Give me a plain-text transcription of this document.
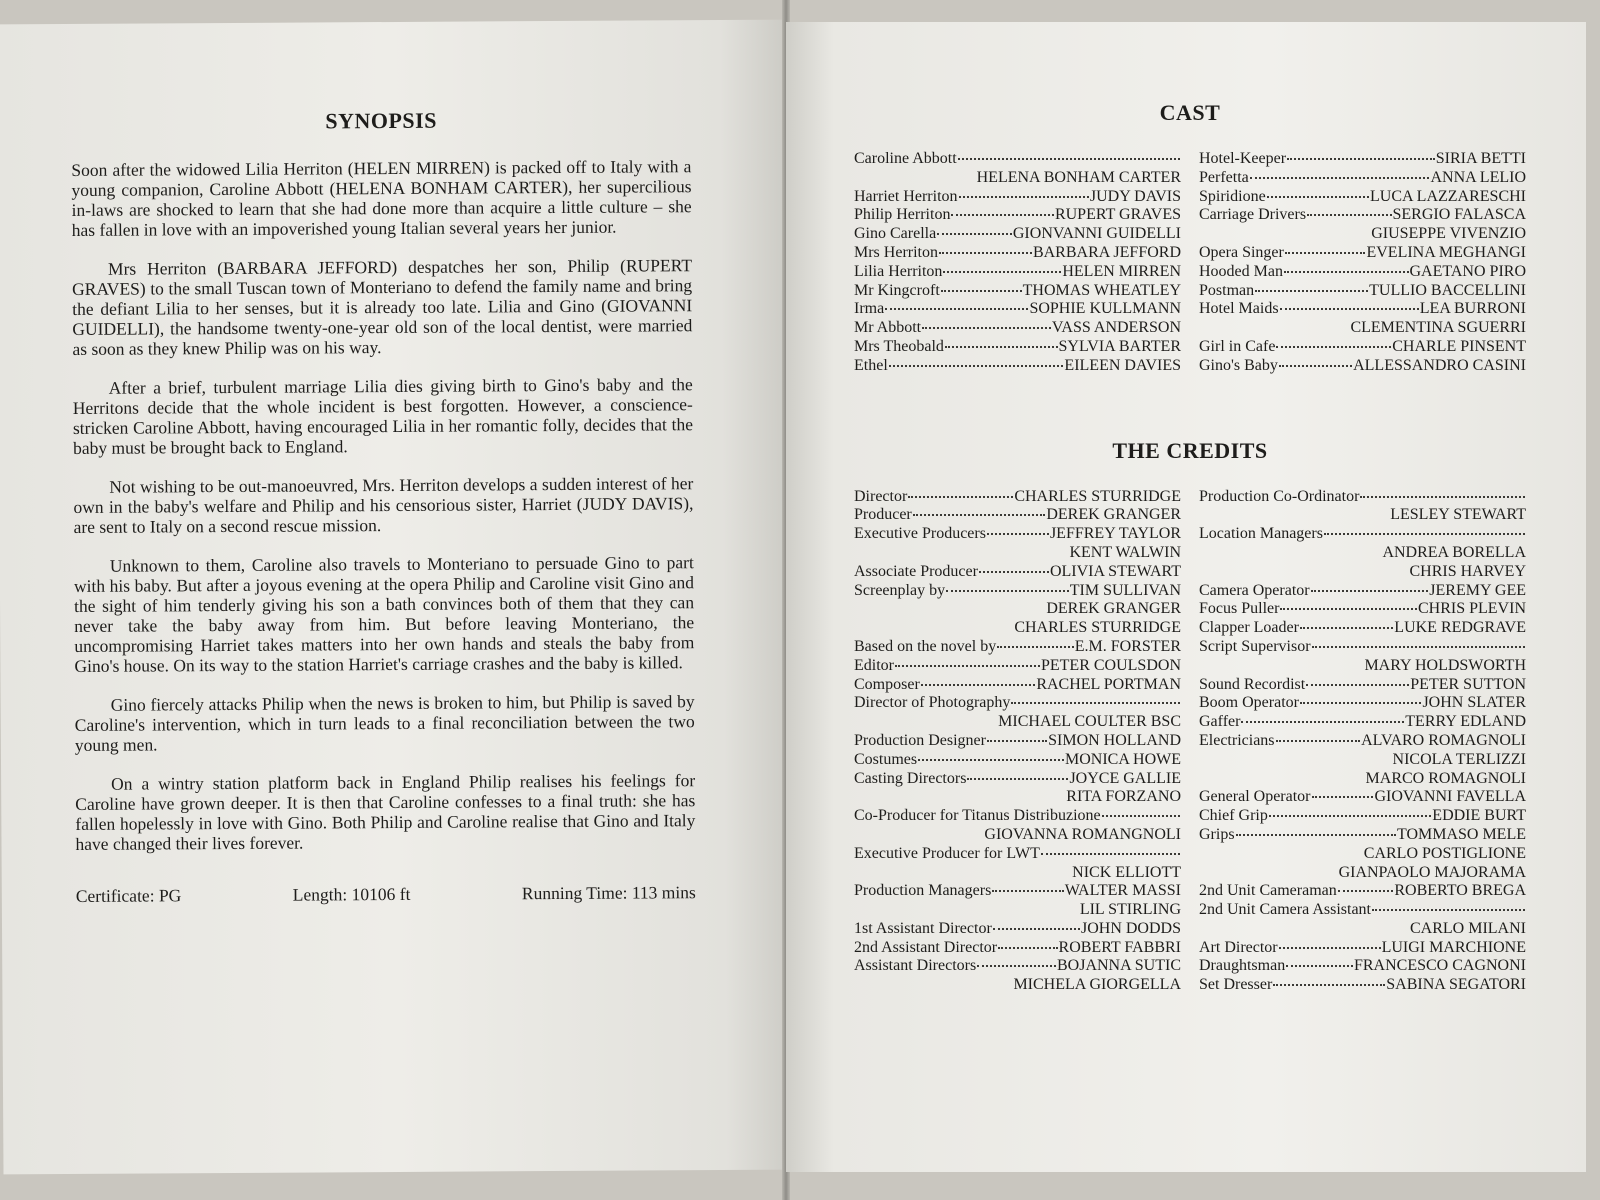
SYNOPSIS

Soon after the widowed Lilia Herriton (HELEN MIRREN) is packed off to Italy with a young companion, Caroline Abbott (HELENA BONHAM CARTER), her supercilious in-laws are shocked to learn that she had done more than acquire a little culture – she has fallen in love with an impoverished young Italian several years her junior.

Mrs Herriton (BARBARA JEFFORD) despatches her son, Philip (RUPERT GRAVES) to the small Tuscan town of Monteriano to defend the family name and bring the defiant Lilia to her senses, but it is already too late. Lilia and Gino (GIOVANNI GUIDELLI), the handsome twenty-one-year old son of the local dentist, were married as soon as they knew Philip was on his way.

After a brief, turbulent marriage Lilia dies giving birth to Gino's baby and the Herritons decide that the whole incident is best forgotten. However, a conscience-stricken Caroline Abbott, having encouraged Lilia in her romantic folly, decides that the baby must be brought back to England.

Not wishing to be out-manoeuvred, Mrs. Herriton develops a sudden interest of her own in the baby's welfare and Philip and his censorious sister, Harriet (JUDY DAVIS), are sent to Italy on a second rescue mission.

Unknown to them, Caroline also travels to Monteriano to persuade Gino to part with his baby. But after a joyous evening at the opera Philip and Caroline visit Gino and the sight of him tenderly giving his son a bath convinces both of them that they can never take the baby away from him. But before leaving Monteriano, the uncompromising Harriet takes matters into her own hands and steals the baby from Gino's house. On its way to the station Harriet's carriage crashes and the baby is killed.

Gino fiercely attacks Philip when the news is broken to him, but Philip is saved by Caroline's intervention, which in turn leads to a final reconciliation between the two young men.

On a wintry station platform back in England Philip realises his feelings for Caroline have grown deeper. It is then that Caroline confesses to a final truth: she has fallen hopelessly in love with Gino. Both Philip and Caroline realise that Gino and Italy have changed their lives forever.

Certificate: PG	Length: 10106 ft	Running Time: 113 mins
CAST
Caroline Abbott
HELENA BONHAM CARTER
Harriet Herriton	JUDY DAVIS
Philip Herriton	RUPERT GRAVES
Gino Carella	GIONVANNI GUIDELLI
Mrs Herriton	BARBARA JEFFORD
Lilia Herriton	HELEN MIRREN
Mr Kingcroft	THOMAS WHEATLEY
Irma	SOPHIE KULLMANN
Mr Abbott	VASS ANDERSON
Mrs Theobald	SYLVIA BARTER
Ethel	EILEEN DAVIES
Hotel-Keeper	SIRIA BETTI
Perfetta	ANNA LELIO
Spiridione	LUCA LAZZARESCHI
Carriage Drivers	SERGIO FALASCA
GIUSEPPE VIVENZIO
Opera Singer	EVELINA MEGHANGI
Hooded Man	GAETANO PIRO
Postman	TULLIO BACCELLINI
Hotel Maids	LEA BURRONI
CLEMENTINA SGUERRI
Girl in Cafe	CHARLE PINSENT
Gino's Baby	ALLESSANDRO CASINI
THE CREDITS
Director	CHARLES STURRIDGE
Producer	DEREK GRANGER
Executive Producers	JEFFREY TAYLOR
KENT WALWIN
Associate Producer	OLIVIA STEWART
Screenplay by	TIM SULLIVAN
DEREK GRANGER
CHARLES STURRIDGE
Based on the novel by	E.M. FORSTER
Editor	PETER COULSDON
Composer	RACHEL PORTMAN
Director of Photography
MICHAEL COULTER BSC
Production Designer	SIMON HOLLAND
Costumes	MONICA HOWE
Casting Directors	JOYCE GALLIE
RITA FORZANO
Co-Producer for Titanus Distribuzione
GIOVANNA ROMANGNOLI
Executive Producer for LWT
NICK ELLIOTT
Production Managers	WALTER MASSI
LIL STIRLING
1st Assistant Director	JOHN DODDS
2nd Assistant Director	ROBERT FABBRI
Assistant Directors	BOJANNA SUTIC
MICHELA GIORGELLA
Production Co-Ordinator
LESLEY STEWART
Location Managers
ANDREA BORELLA
CHRIS HARVEY
Camera Operator	JEREMY GEE
Focus Puller	CHRIS PLEVIN
Clapper Loader	LUKE REDGRAVE
Script Supervisor
MARY HOLDSWORTH
Sound Recordist	PETER SUTTON
Boom Operator	JOHN SLATER
Gaffer	TERRY EDLAND
Electricians	ALVARO ROMAGNOLI
NICOLA TERLIZZI
MARCO ROMAGNOLI
General Operator	GIOVANNI FAVELLA
Chief Grip	EDDIE BURT
Grips	TOMMASO MELE
CARLO POSTIGLIONE
GIANPAOLO MAJORAMA
2nd Unit Cameraman	ROBERTO BREGA
2nd Unit Camera Assistant
CARLO MILANI
Art Director	LUIGI MARCHIONE
Draughtsman	FRANCESCO CAGNONI
Set Dresser	SABINA SEGATORI
